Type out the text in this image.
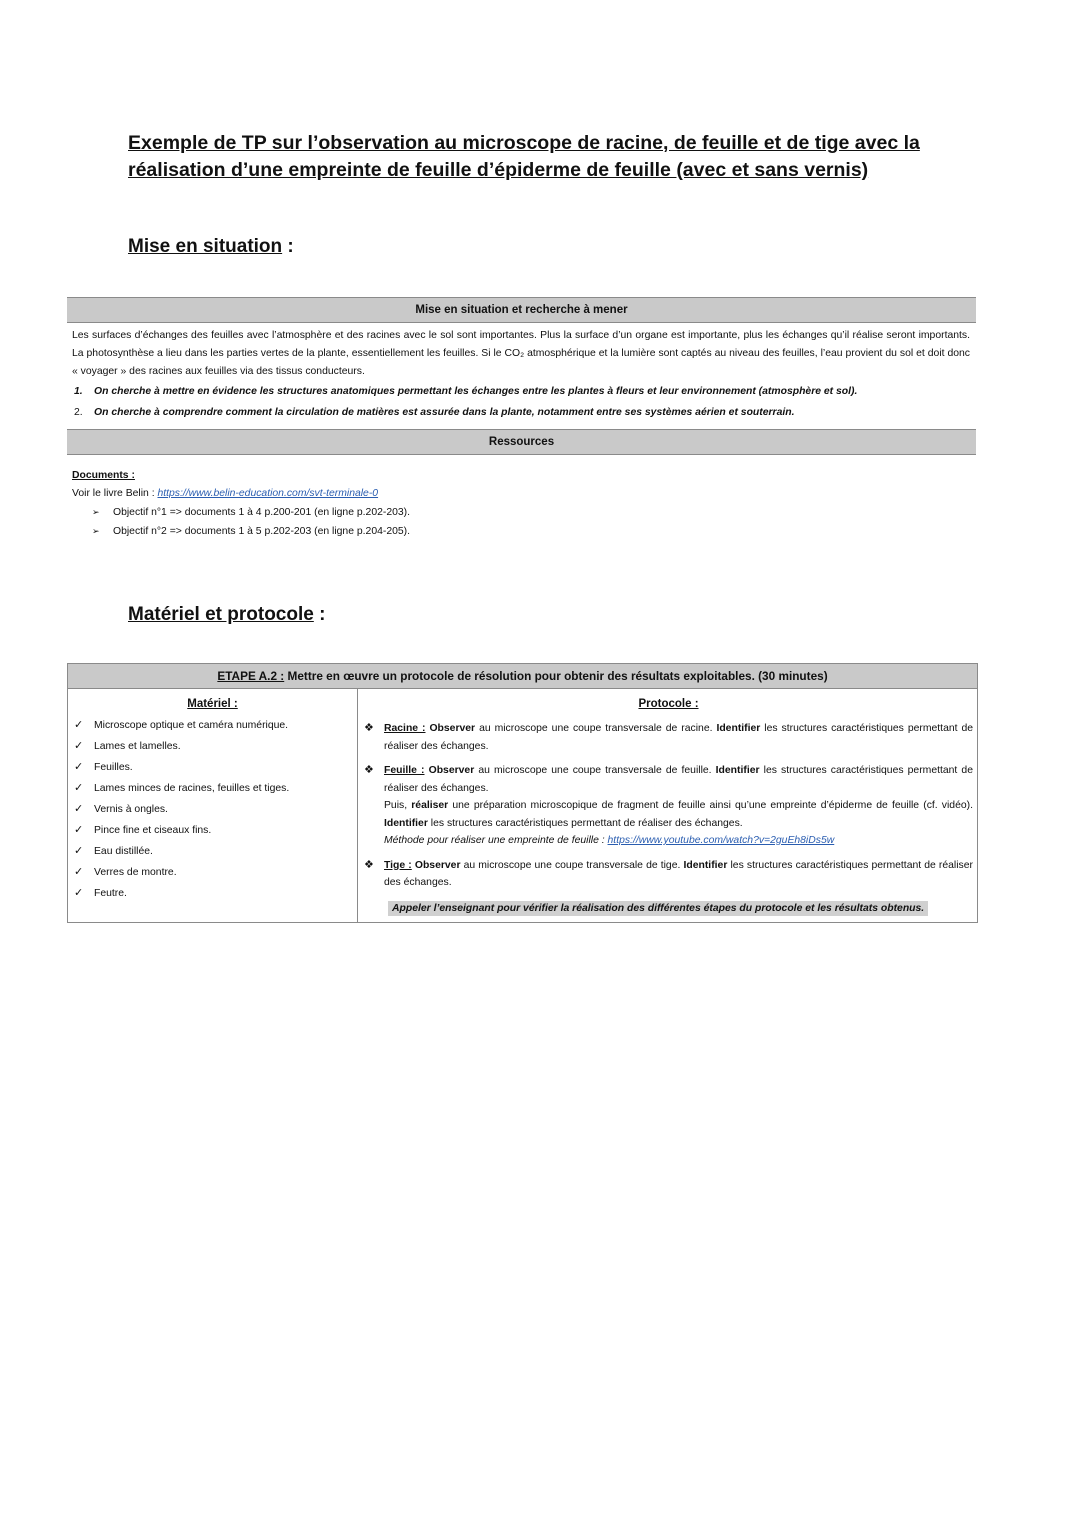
Exemple de TP sur l’observation au microscope de racine, de feuille et de tige avec la réalisation d’une empreinte de feuille d’épiderme de feuille (avec et sans vernis)
Mise en situation :
Mise en situation et recherche à mener

Les surfaces d’échanges des feuilles avec l’atmosphère et des racines avec le sol sont importantes. Plus la surface d’un organe est importante, plus les échanges qu’il réalise seront importants. La photosynthèse a lieu dans les parties vertes de la plante, essentiellement les feuilles. Si le CO₂ atmosphérique et la lumière sont captés au niveau des feuilles, l’eau provient du sol et doit donc « voyager » des racines aux feuilles via des tissus conducteurs.

1. On cherche à mettre en évidence les structures anatomiques permettant les échanges entre les plantes à fleurs et leur environnement (atmosphère et sol).
2. On cherche à comprendre comment la circulation de matières est assurée dans la plante, notamment entre ses systèmes aérien et souterrain.
Ressources
Documents :
Voir le livre Belin : https://www.belin-education.com/svt-terminale-0
➢ Objectif n°1 => documents 1 à 4 p.200-201 (en ligne p.202-203).
➢ Objectif n°2 => documents 1 à 5 p.202-203 (en ligne p.204-205).
Matériel et protocole :
ETAPE A.2 : Mettre en œuvre un protocole de résolution pour obtenir des résultats exploitables. (30 minutes)
Matériel :
✓ Microscope optique et caméra numérique.
✓ Lames et lamelles.
✓ Feuilles.
✓ Lames minces de racines, feuilles et tiges.
✓ Vernis à ongles.
✓ Pince fine et ciseaux fins.
✓ Eau distillée.
✓ Verres de montre.
✓ Feutre.
Protocole :
❖ Racine : Observer au microscope une coupe transversale de racine. Identifier les structures caractéristiques permettant de réaliser des échanges.
❖ Feuille : Observer au microscope une coupe transversale de feuille. Identifier les structures caractéristiques permettant de réaliser des échanges.
Puis, réaliser une préparation microscopique de fragment de feuille ainsi qu’une empreinte d’épiderme de feuille (cf. vidéo). Identifier les structures caractéristiques permettant de réaliser des échanges.
Méthode pour réaliser une empreinte de feuille : https://www.youtube.com/watch?v=2guEh8iDs5w
❖ Tige : Observer au microscope une coupe transversale de tige. Identifier les structures caractéristiques permettant de réaliser des échanges.
Appeler l’enseignant pour vérifier la réalisation des différentes étapes du protocole et les résultats obtenus.
